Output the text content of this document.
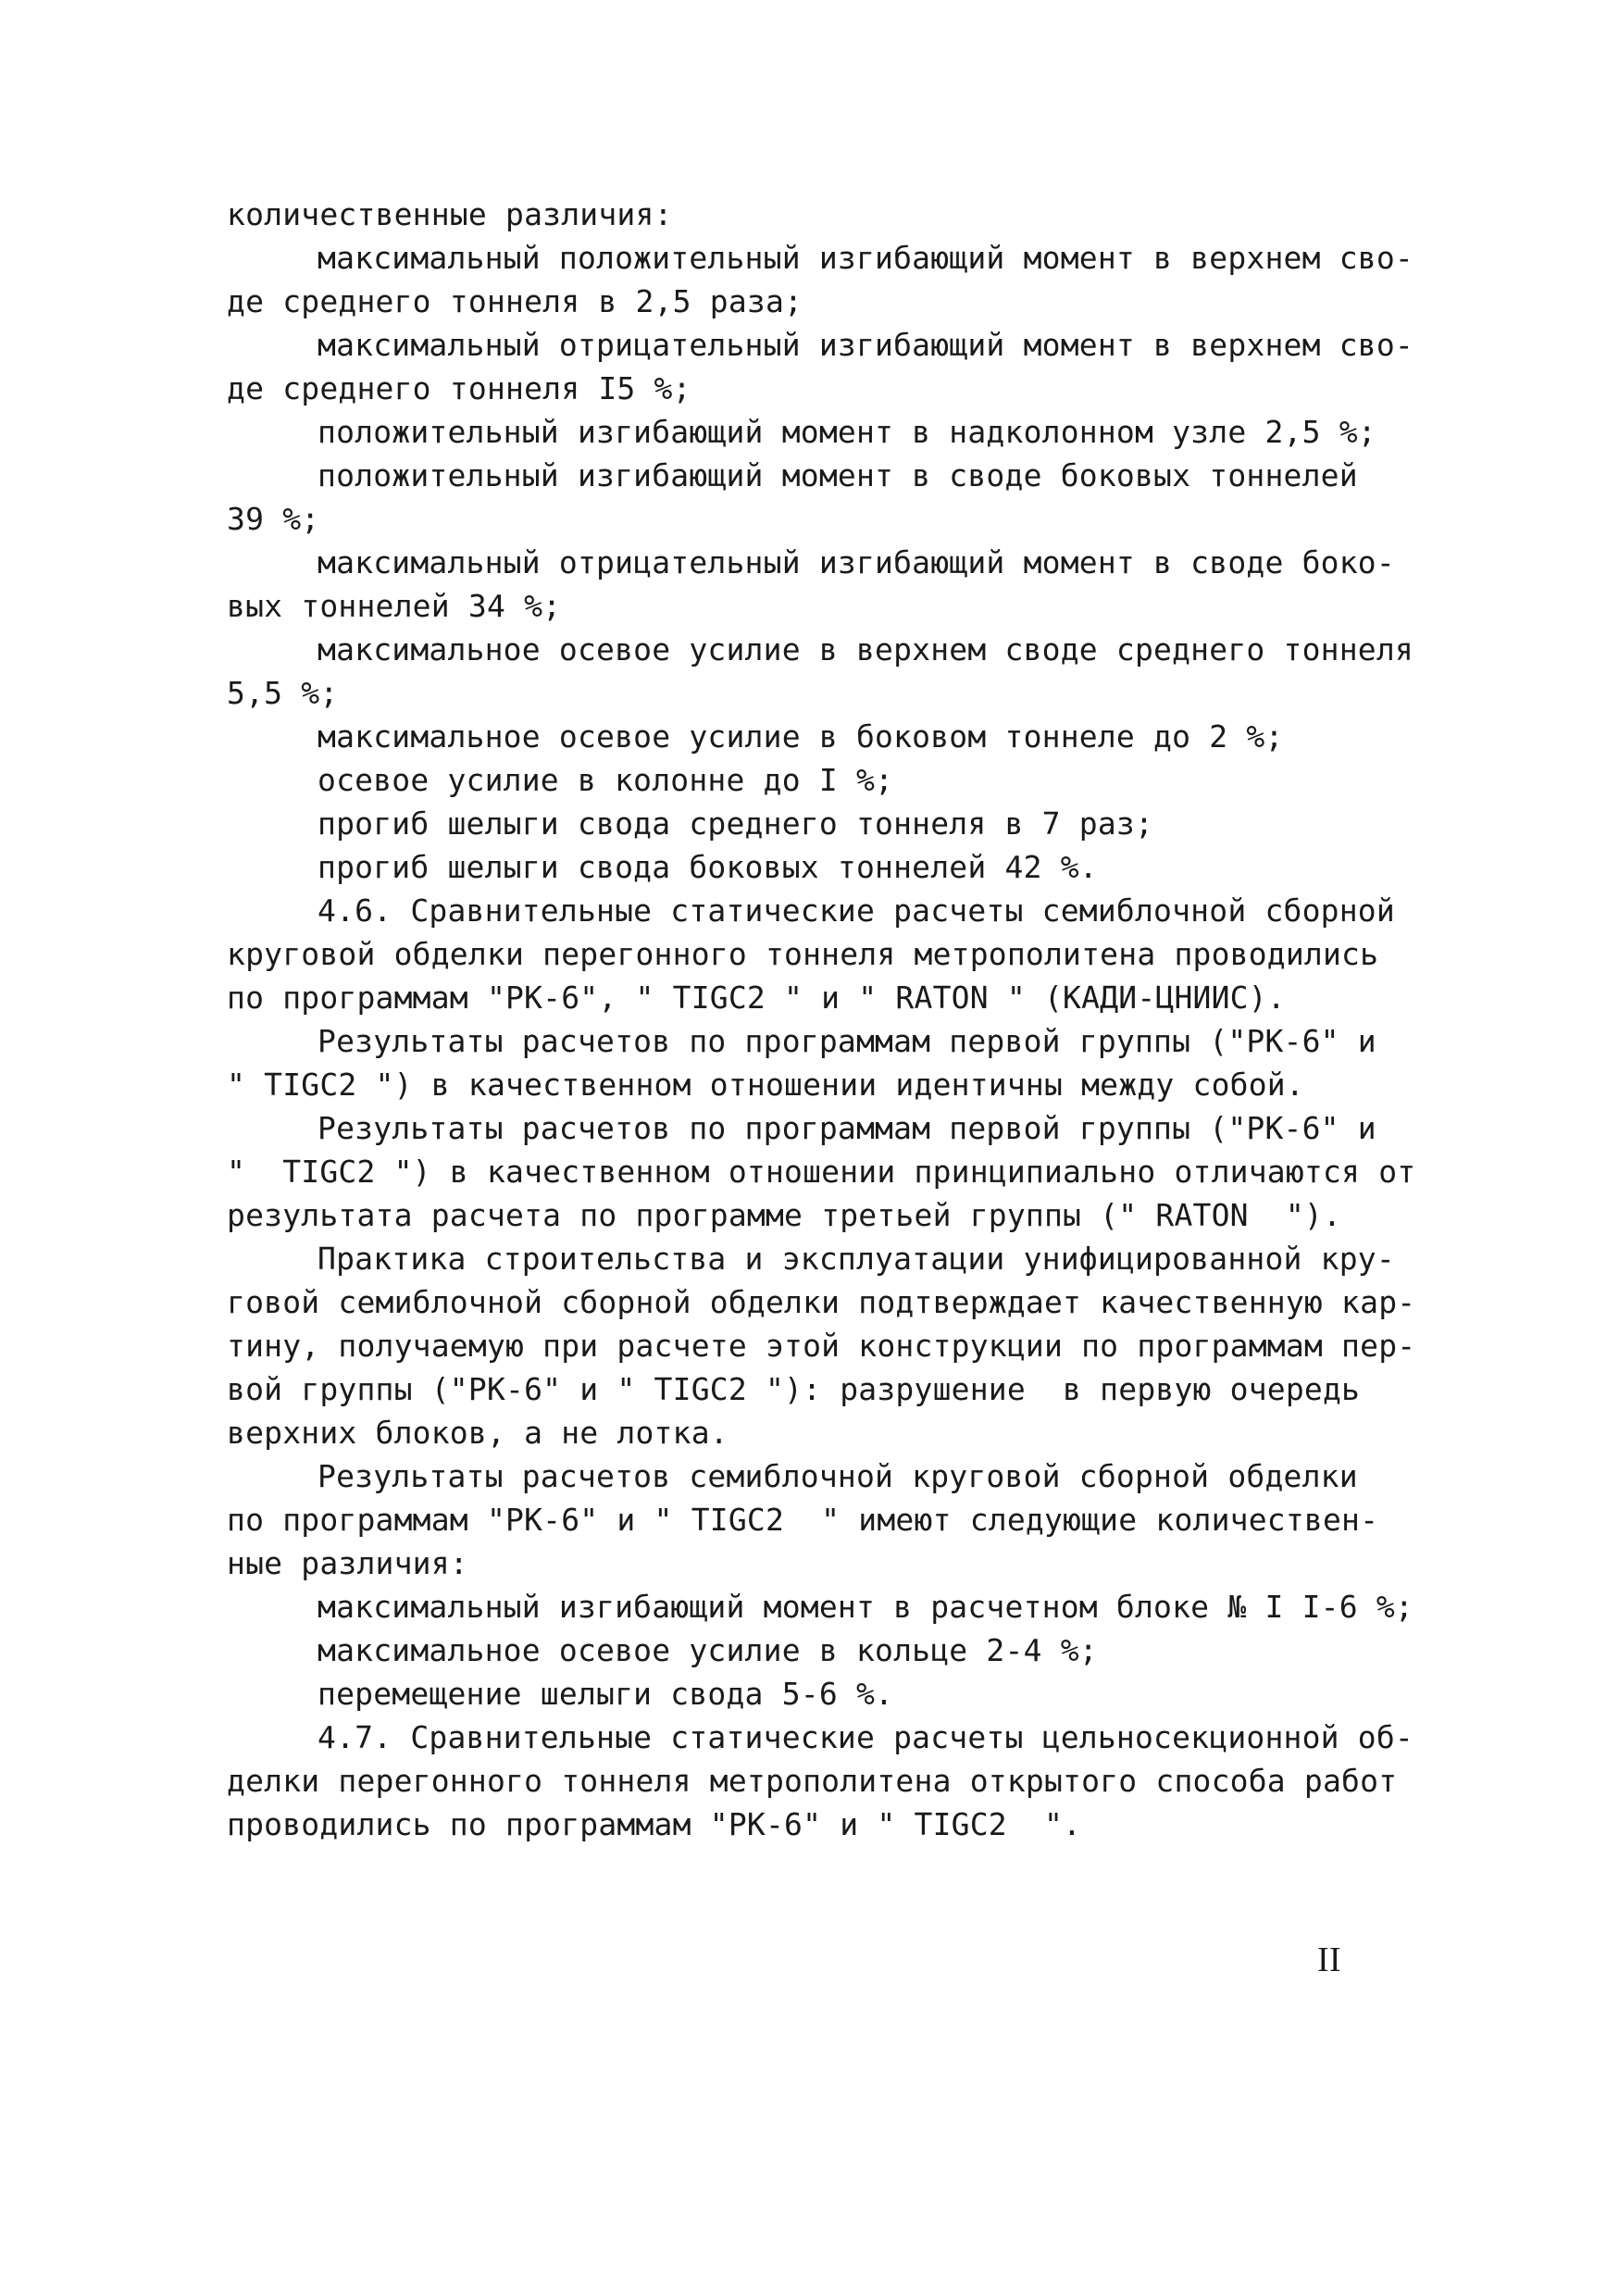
количественные различия:
максимальный положительный изгибающий момент в верхнем сво-
де среднего тоннеля в 2,5 раза;
максимальный отрицательный изгибающий момент в верхнем сво-
де среднего тоннеля I5 %;
положительный изгибающий момент в надколонном узле 2,5 %;
положительный изгибающий момент в своде боковых тоннелей
39 %;
максимальный отрицательный изгибающий момент в своде боко-
вых тоннелей 34 %;
максимальное осевое усилие в верхнем своде среднего тоннеля
5,5 %;
максимальное осевое усилие в боковом тоннеле до 2 %;
осевое усилие в колонне до I %;
прогиб шелыги свода среднего тоннеля в 7 раз;
прогиб шелыги свода боковых тоннелей 42 %.
4.6. Сравнительные статические расчеты семиблочной сборной
круговой обделки перегонного тоннеля метрополитена проводились
по программам "РК-6", " TIGC2 " и " RATON " (КАДИ-ЦНИИС).
Результаты расчетов по программам первой группы ("РК-6" и
" TIGC2 ") в качественном отношении идентичны между собой.
Результаты расчетов по программам первой группы ("РК-6" и
"  TIGC2 ") в качественном отношении принципиально отличаются от
результата расчета по программе третьей группы (" RATON  ").
Практика строительства и эксплуатации унифицированной кру-
говой семиблочной сборной обделки подтверждает качественную кар-
тину, получаемую при расчете этой конструкции по программам пер-
вой группы ("РК-6" и " TIGC2 "): разрушение  в первую очередь
верхних блоков, а не лотка.
Результаты расчетов семиблочной круговой сборной обделки
по программам "РК-6" и " TIGC2  " имеют следующие количествен-
ные различия:
максимальный изгибающий момент в расчетном блоке № I I-6 %;
максимальное осевое усилие в кольце 2-4 %;
перемещение шелыги свода 5-6 %.
4.7. Сравнительные статические расчеты цельносекционной об-
делки перегонного тоннеля метрополитена открытого способа работ
проводились по программам "РК-6" и " TIGC2  ".
II
